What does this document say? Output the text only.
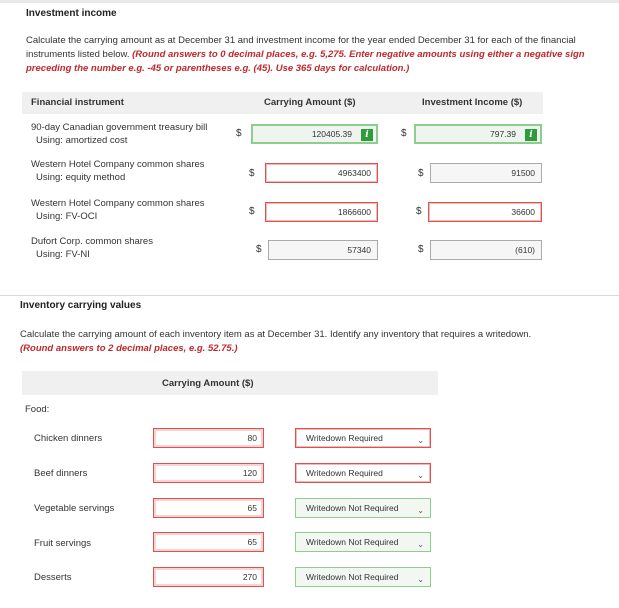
Investment income
Calculate the carrying amount as at December 31 and investment income for the year ended December 31 for each of the financial instruments listed below. (Round answers to 0 decimal places, e.g. 5,275. Enter negative amounts using either a negative sign preceding the number e.g. -45 or parentheses e.g. (45). Use 365 days for calculation.)
Financial instrument	Carrying Amount ($)	Investment Income ($)
90-day Canadian government treasury bill
Using: amortized cost
$	120405.39	i	$	797.39	i
Western Hotel Company common shares
Using: equity method	$	4963400	$	91500
Western Hotel Company common shares
Using: FV-OCI	$	1866600	$	36600
Dufort Corp. common shares
Using: FV-NI	$	57340	$	(610)
Inventory carrying values
Calculate the carrying amount of each inventory item as at December 31. Identify any inventory that requires a writedown.
(Round answers to 2 decimal places, e.g. 52.75.)
Carrying Amount ($)
Food:
Chicken dinners	80	Writedown Required	⌄
Beef dinners	120	Writedown Required	⌄
Vegetable servings	65	Writedown Not Required ⌄
Fruit servings	65	Writedown Not Required ⌄
Desserts	270	Writedown Not Required ⌄
